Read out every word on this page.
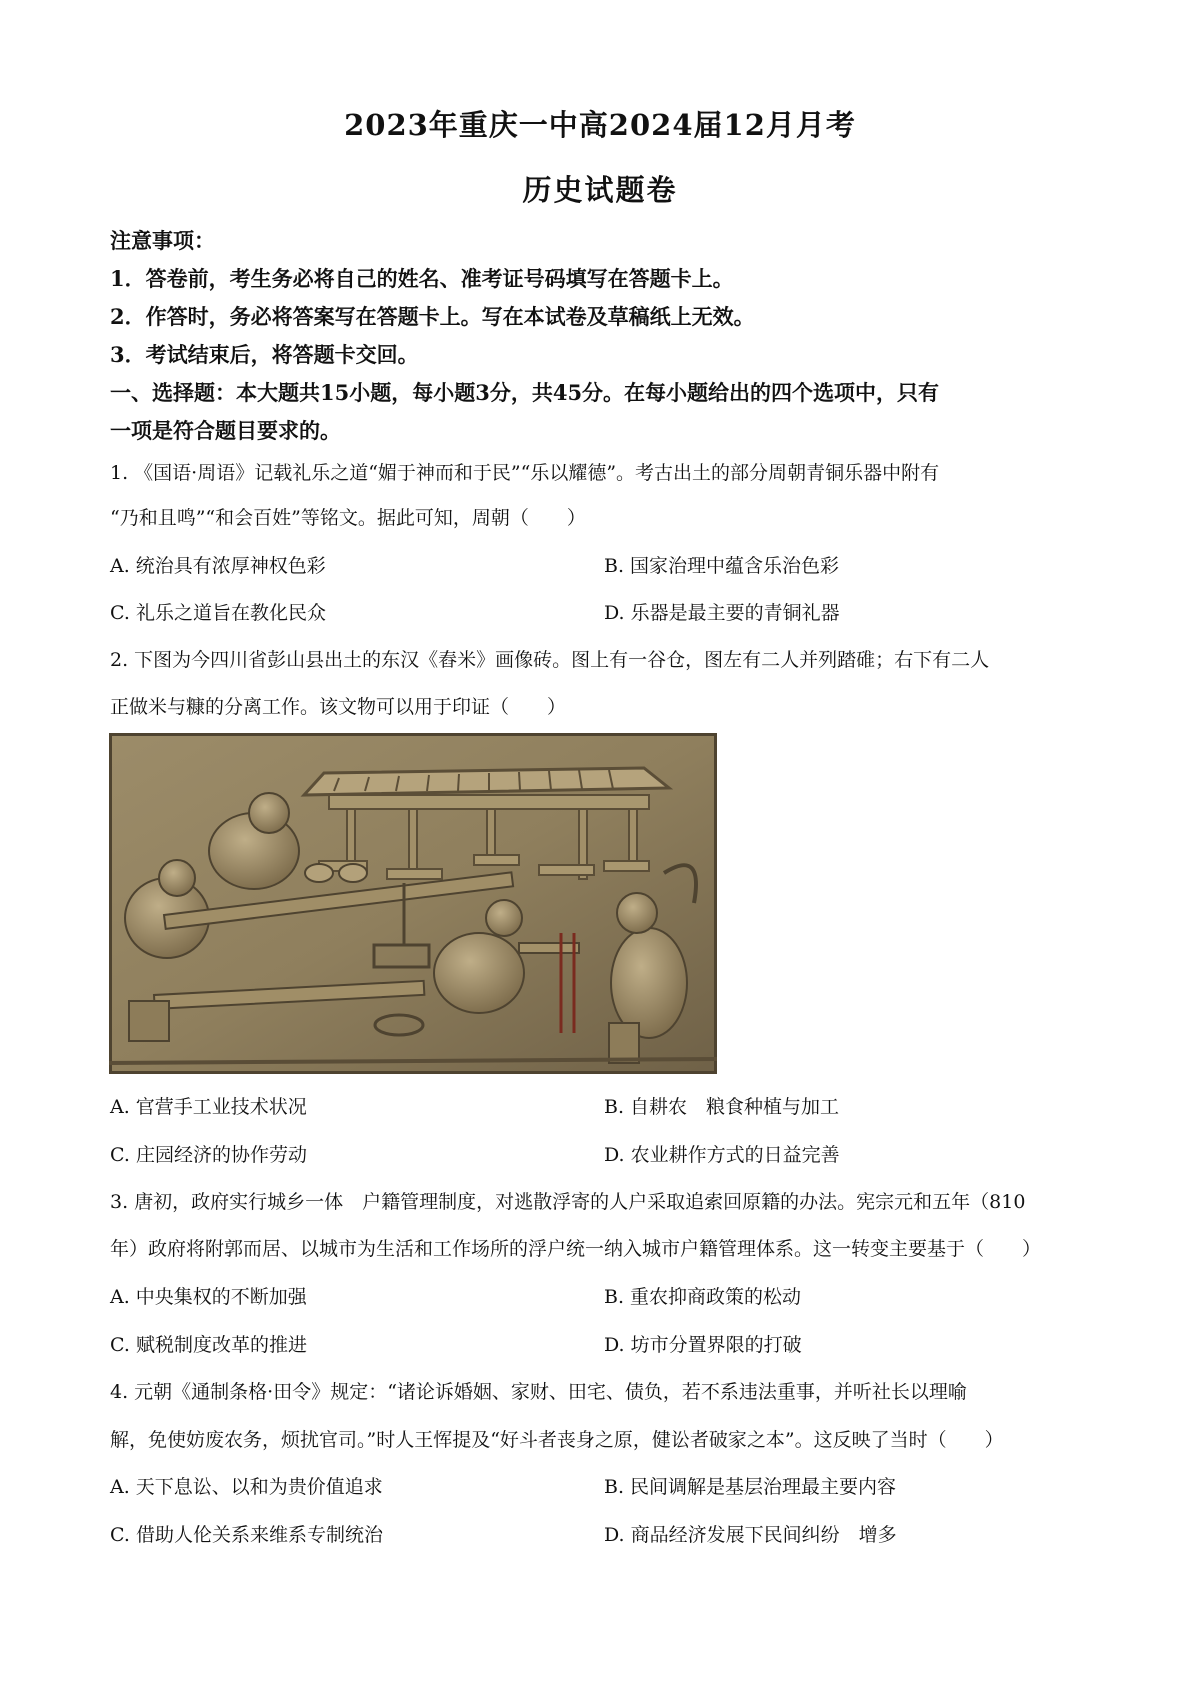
2023年重庆一中高2024届12月月考
历史试题卷
注意事项：
1．答卷前，考生务必将自己的姓名、准考证号码填写在答题卡上。
2．作答时，务必将答案写在答题卡上。写在本试卷及草稿纸上无效。
3．考试结束后，将答题卡交回。
一、选择题：本大题共15小题，每小题3分，共45分。在每小题给出的四个选项中，只有
一项是符合题目要求的。
1. 《国语·周语》记载礼乐之道“媚于神而和于民”“乐以耀德”。考古出土的部分周朝青铜乐器中附有
“乃和且鸣”“和会百姓”等铭文。据此可知，周朝（　　）
A. 统治具有浓厚神权色彩	B. 国家治理中蕴含乐治色彩
C. 礼乐之道旨在教化民众	D. 乐器是最主要的青铜礼器
2. 下图为今四川省彭山县出土的东汉《舂米》画像砖。图上有一谷仓，图左有二人并列踏碓；右下有二人
正做米与糠的分离工作。该文物可以用于印证（　　）
A. 官营手工业技术状况	B. 自耕农　粮食种植与加工
C. 庄园经济的协作劳动	D. 农业耕作方式的日益完善
3. 唐初，政府实行城乡一体　户籍管理制度，对逃散浮寄的人户采取追索回原籍的办法。宪宗元和五年（810
年）政府将附郭而居、以城市为生活和工作场所的浮户统一纳入城市户籍管理体系。这一转变主要基于（　　）
A. 中央集权的不断加强	B. 重农抑商政策的松动
C. 赋税制度改革的推进	D. 坊市分置界限的打破
4. 元朝《通制条格·田令》规定：“诸论诉婚姻、家财、田宅、债负，若不系违法重事，并听社长以理喻
解，免使妨废农务，烦扰官司。”时人王恽提及“好斗者丧身之原，健讼者破家之本”。这反映了当时（　　）
A. 天下息讼、以和为贵价值追求	B. 民间调解是基层治理最主要内容
C. 借助人伦关系来维系专制统治	D. 商品经济发展下民间纠纷　增多
